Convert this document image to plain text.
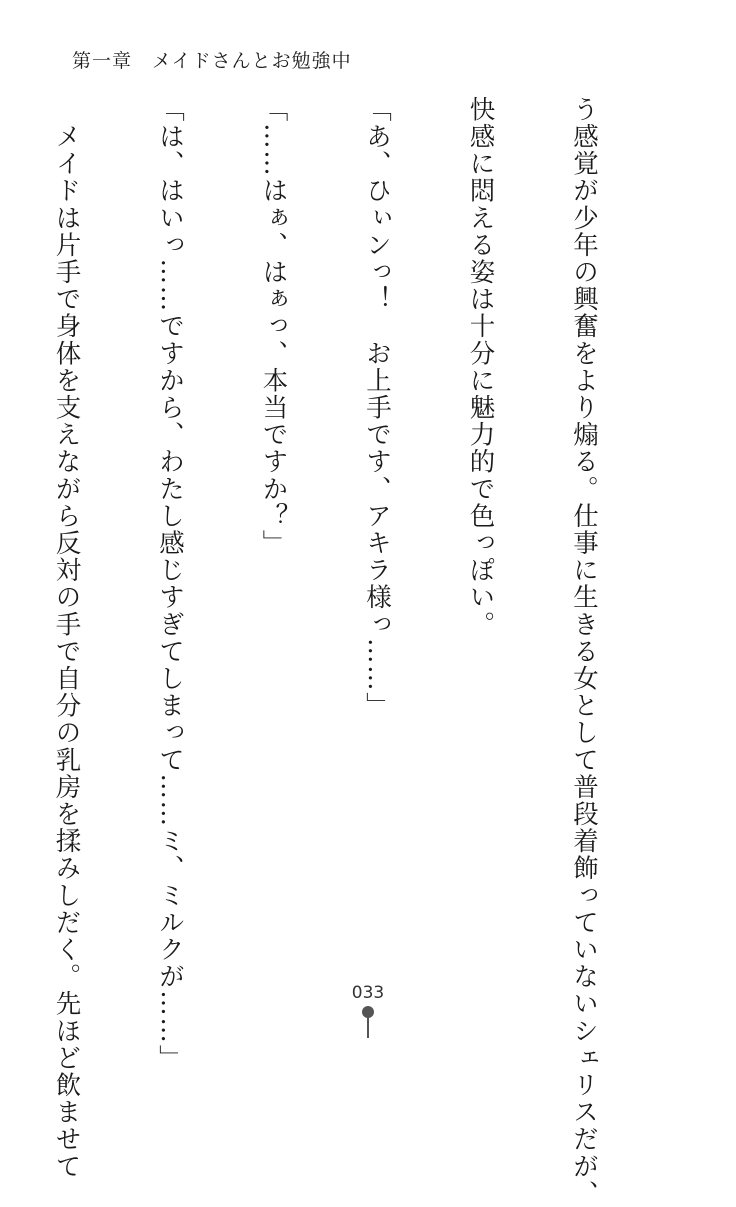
第一章　メイドさんとお勉強中

う感覚が少年の興奮をより煽る。仕事に生きる女として普段着飾っていないシェリスだが、

快感に悶える姿は十分に魅力的で色っぽい。

「あ、ひぃンっ！　お上手です、アキラ様っ……」

「……はぁ、はぁっ、本当ですか？」

「は、はいっ……ですから、わたし感じすぎてしまって……ミ、ミルクが……」

　メイドは片手で身体を支えながら反対の手で自分の乳房を揉みしだく。先ほど飲ませて

	033
